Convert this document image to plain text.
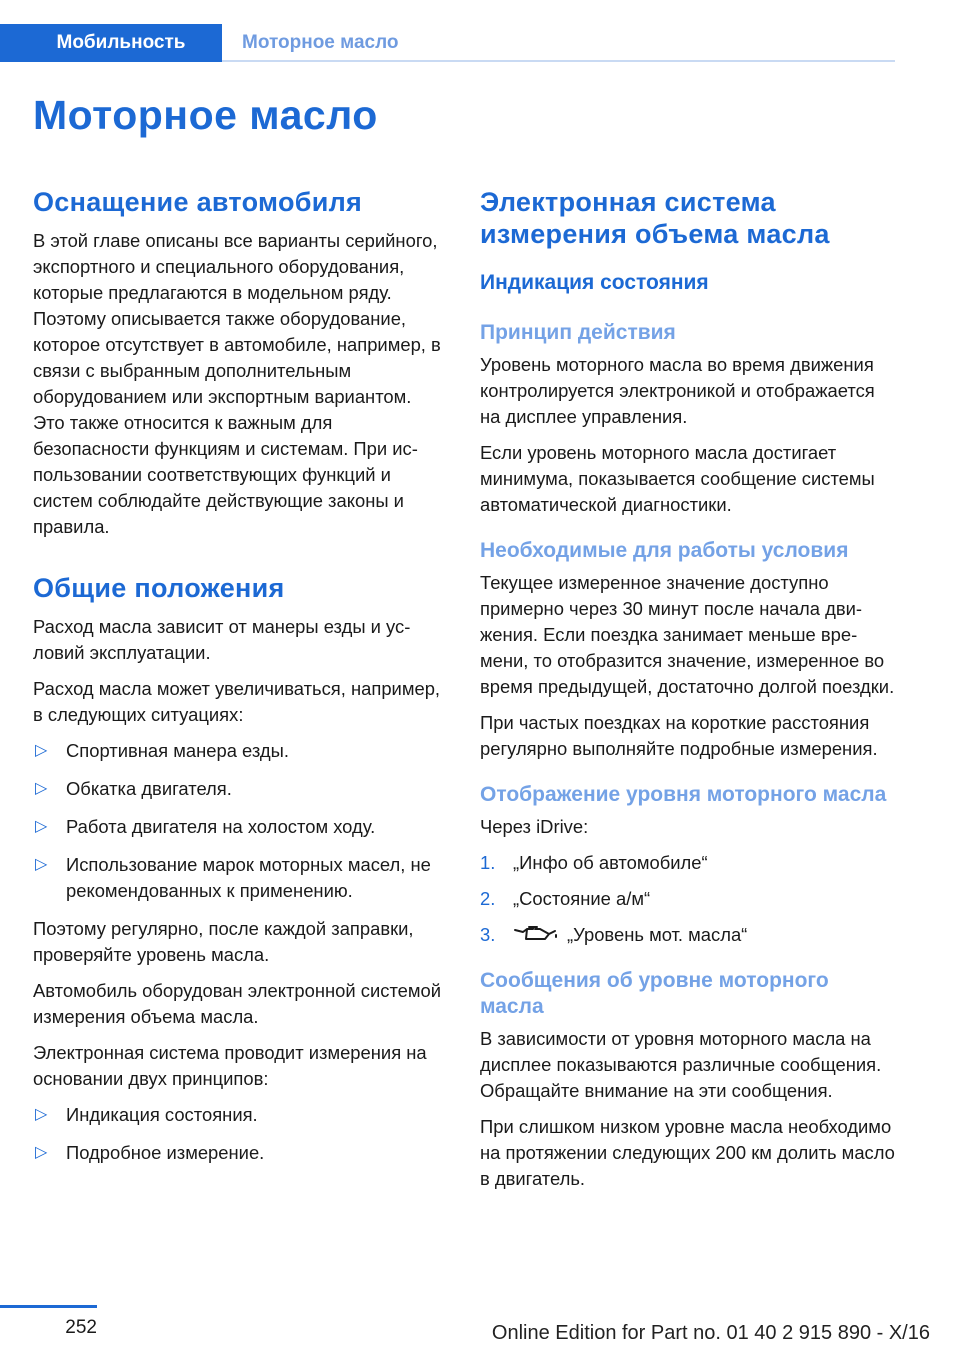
Мобильность	Моторное масло
Моторное масло
Оснащение автомобиля

В этой главе описаны все варианты серийного, экспортного и специального оборудования, которые предлагаются в модельном ряду. Поэтому описывается также оборудование, которое отсутствует в автомобиле, например, в связи с выбранным дополнительным оборудованием или экспортным вариантом. Это также относится к важным для безопасности функциям и системам. При использовании соответствующих функций и систем соблюдайте действующие законы и правила.

Общие положения

Расход масла зависит от манеры езды и условий эксплуатации.

Расход масла может увеличиваться, например, в следующих ситуациях:

▷ Спортивная манера езды.
▷ Обкатка двигателя.
▷ Работа двигателя на холостом ходу.
▷ Использование марок моторных масел, не рекомендованных к применению.

Поэтому регулярно, после каждой заправки, проверяйте уровень масла.

Автомобиль оборудован электронной системой измерения объема масла.

Электронная система проводит измерения на основании двух принципов:

▷ Индикация состояния.
▷ Подробное измерение.
Электронная система измерения объема масла
Индикация состояния
Принцип действия

Уровень моторного масла во время движения контролируется электроникой и отображается на дисплее управления.

Если уровень моторного масла достигает минимума, показывается сообщение системы автоматической диагностики.

Необходимые для работы условия

Текущее измеренное значение доступно примерно через 30 минут после начала движения. Если поездка занимает меньше времени, то отобразится значение, измеренное во время предыдущей, достаточно долгой поездки.

При частых поездках на короткие расстояния регулярно выполняйте подробные измерения.

Отображение уровня моторного масла

Через iDrive:

1. „Инфо об автомобиле“
2. „Состояние а/м“
3.	„Уровень мот. масла“
Сообщения об уровне моторного масла

В зависимости от уровня моторного масла на дисплее показываются различные сообщения. Обращайте внимание на эти сообщения.

При слишком низком уровне масла необходимо на протяжении следующих 200 км долить масло в двигатель.

252	Online Edition for Part no. 01 40 2 915 890 - X/16
